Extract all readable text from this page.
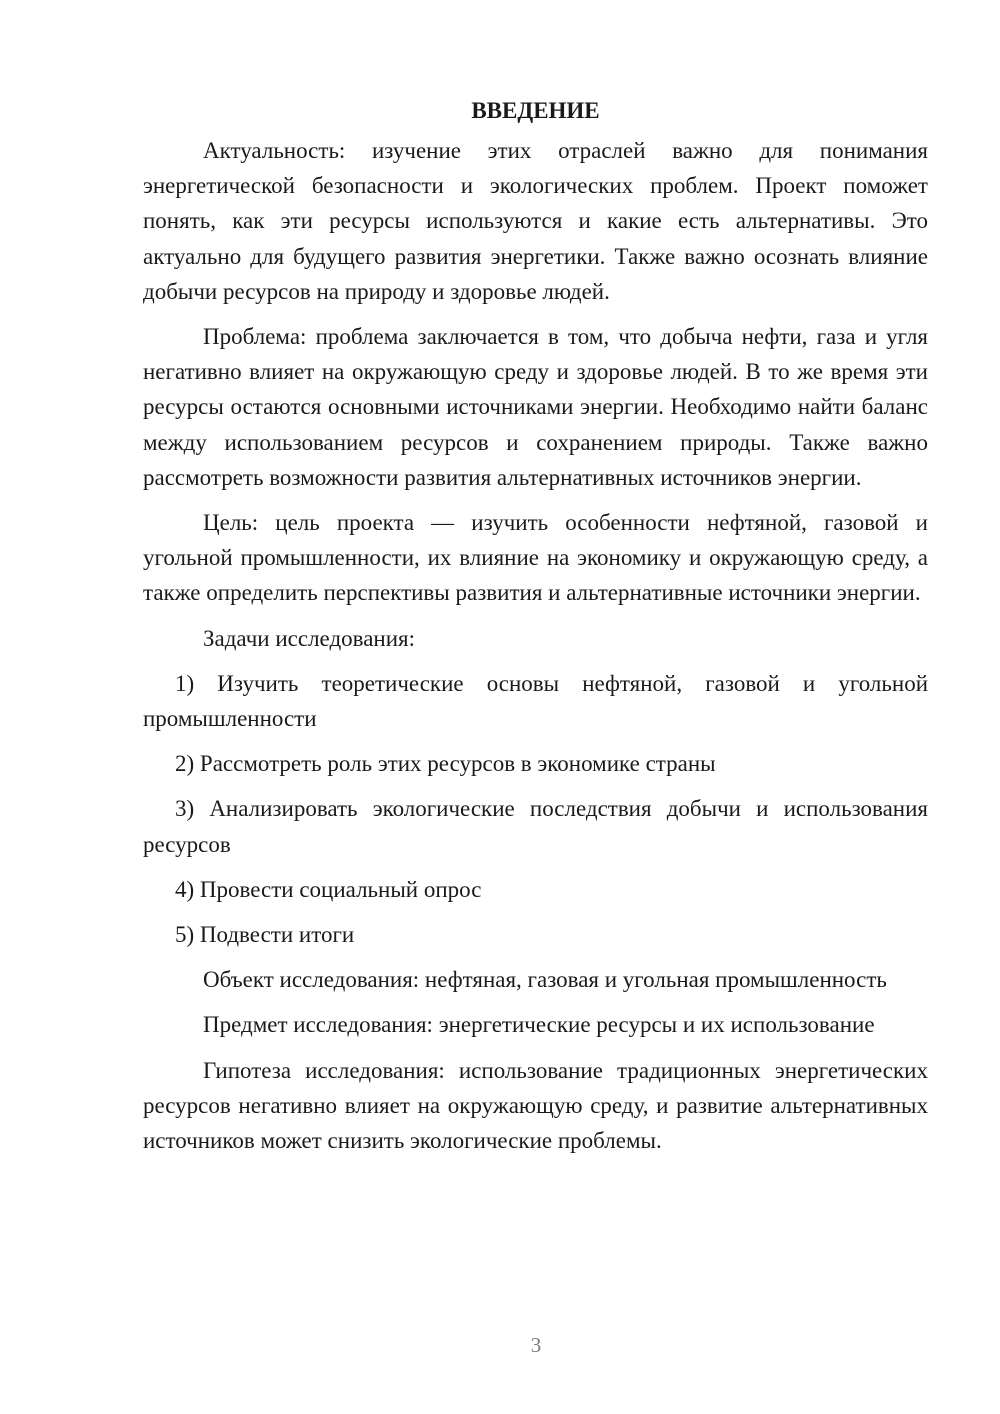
ВВЕДЕНИЕ

Актуальность: изучение этих отраслей важно для понимания энергетической безопасности и экологических проблем. Проект поможет понять, как эти ресурсы используются и какие есть альтернативы. Это актуально для будущего развития энергетики. Также важно осознать влияние добычи ресурсов на природу и здоровье людей.

Проблема: проблема заключается в том, что добыча нефти, газа и угля негативно влияет на окружающую среду и здоровье людей. В то же время эти ресурсы остаются основными источниками энергии. Необходимо найти баланс между использованием ресурсов и сохранением природы. Также важно рассмотреть возможности развития альтернативных источников энергии.

Цель: цель проекта — изучить особенности нефтяной, газовой и угольной промышленности, их влияние на экономику и окружающую среду, а также определить перспективы развития и альтернативные источники энергии.

Задачи исследования:

1) Изучить теоретические основы нефтяной, газовой и угольной промышленности

2) Рассмотреть роль этих ресурсов в экономике страны

3) Анализировать экологические последствия добычи и использования ресурсов

4) Провести социальный опрос

5) Подвести итоги

Объект исследования: нефтяная, газовая и угольная промышленность

Предмет исследования: энергетические ресурсы и их использование

Гипотеза исследования: использование традиционных энергетических ресурсов негативно влияет на окружающую среду, и развитие альтернативных источников может снизить экологические проблемы.

3
